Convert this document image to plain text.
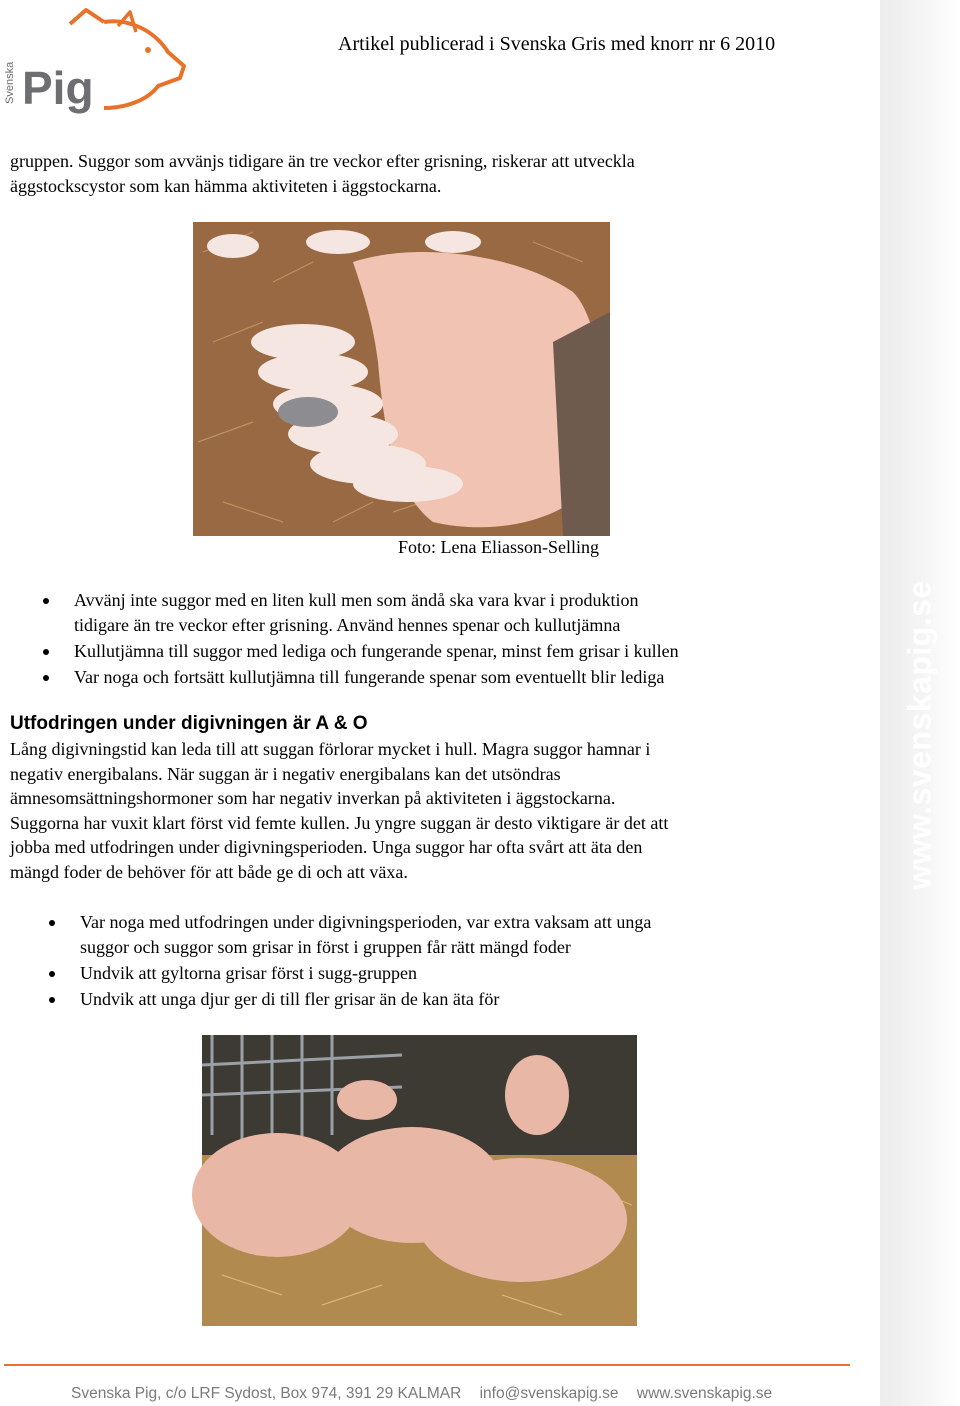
www.svenskapig.se
Svenska Pig
Artikel publicerad i Svenska Gris med knorr nr 6 2010
gruppen. Suggor som avvänjs tidigare än tre veckor efter grisning, riskerar att utveckla
äggstockscystor som kan hämma aktiviteten i äggstockarna.
Foto: Lena Eliasson-Selling
Avvänj inte suggor med en liten kull men som ändå ska vara kvar i produktion
tidigare än tre veckor efter grisning. Använd hennes spenar och kullutjämna
Kullutjämna till suggor med lediga och fungerande spenar, minst fem grisar i kullen
Var noga och fortsätt kullutjämna till fungerande spenar som eventuellt blir lediga
Utfodringen under digivningen är A & O
Lång digivningstid kan leda till att suggan förlorar mycket i hull. Magra suggor hamnar i
negativ energibalans. När suggan är i negativ energibalans kan det utsöndras
ämnesomsättningshormoner som har negativ inverkan på aktiviteten i äggstockarna.
Suggorna har vuxit klart först vid femte kullen. Ju yngre suggan är desto viktigare är det att
jobba med utfodringen under digivningsperioden. Unga suggor har ofta svårt att äta den
mängd foder de behöver för att både ge di och att växa.
Var noga med utfodringen under digivningsperioden, var extra vaksam att unga
suggor och suggor som grisar in först i gruppen får rätt mängd foder
Undvik att gyltorna grisar först i sugg-gruppen
Undvik att unga djur ger di till fler grisar än de kan äta för
Svenska Pig, c/o LRF Sydost, Box 974, 391 29 KALMAR info@svenskapig.se www.svenskapig.se
